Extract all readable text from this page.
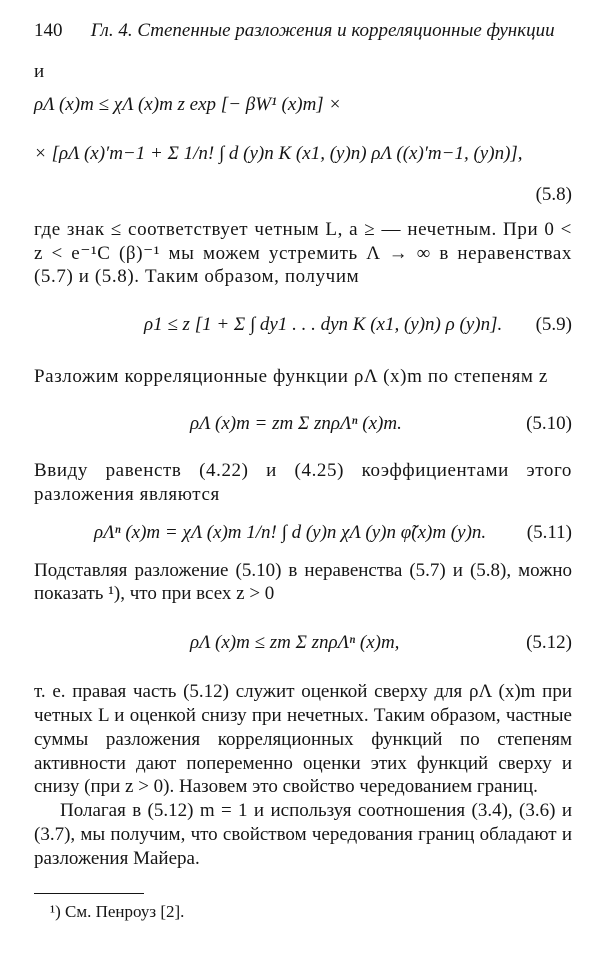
140 Гл. 4. Степенные разложения и корреляционные функции

и

ρΛ (x)m ≤ χΛ (x)m z exp [− βW¹ (x)m] ×
× [ρΛ (x)′m−1 + Σ 1/n! ∫ d (y)n K (x1, (y)n) ρΛ ((x)′m−1, (y)n)],
(5.8)

где знак ≤ соответствует четным L, а ≥ — нечетным. При 0 < z < e⁻¹C (β)⁻¹ мы можем устремить Λ → ∞ в неравенствах (5.7) и (5.8). Таким образом, получим

ρ1 ≤ z [1 + Σ ∫ dy1 . . . dyn K (x1, (y)n) ρ (y)n]. (5.9)

Разложим корреляционные функции ρΛ (x)m по степеням z

ρΛ (x)m = zm Σ znρΛⁿ (x)m.	(5.10)

Ввиду равенств (4.22) и (4.25) коэффициентами этого разложения являются

ρΛⁿ (x)m = χΛ (x)m 1/n! ∫ d (y)n χΛ (y)n φ̃(x)m (y)n. (5.11)

Подставляя разложение (5.10) в неравенства (5.7) и (5.8), можно показать ¹), что при всех z > 0

ρΛ (x)m ≤ zm Σ znρΛⁿ (x)m,	(5.12)

т. е. правая часть (5.12) служит оценкой сверху для ρΛ (x)m при четных L и оценкой снизу при нечетных. Таким образом, частные суммы разложения корреляционных функций по степеням активности дают попеременно оценки этих функций сверху и снизу (при z > 0). Назовем это свойство чередованием границ.

Полагая в (5.12) m = 1 и используя соотношения (3.4), (3.6) и (3.7), мы получим, что свойством чередования границ обладают и разложения Майера.

¹) См. Пенроуз [2].
